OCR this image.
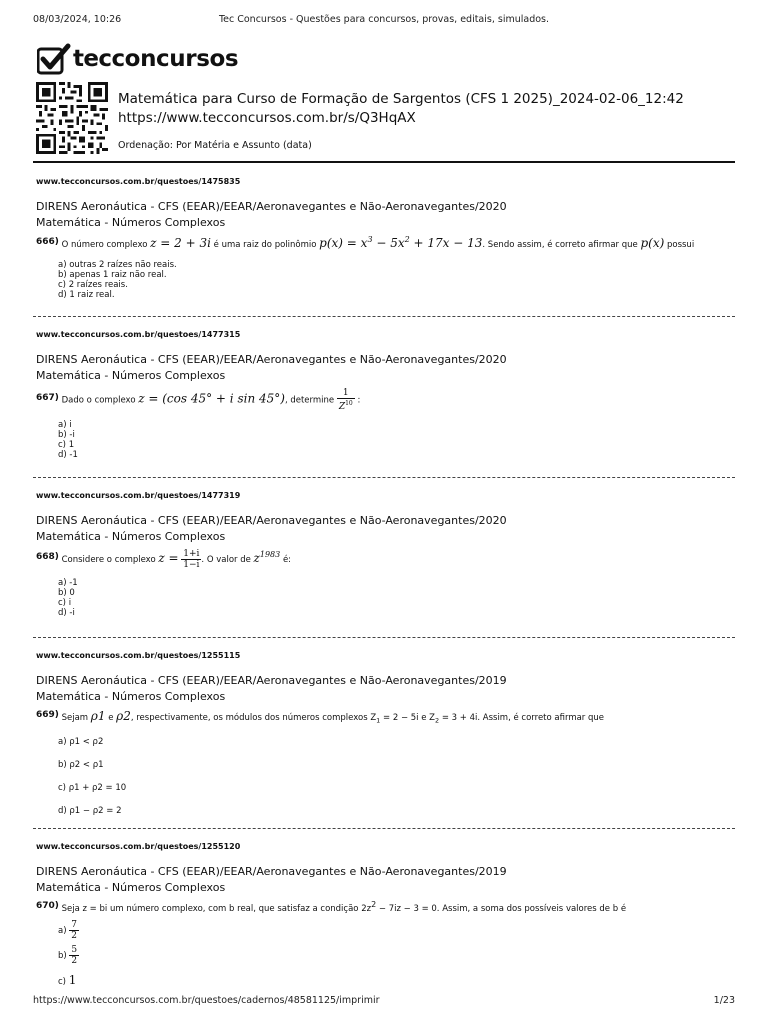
08/03/2024, 10:26	Tec Concursos - Questões para concursos, provas, editais, simulados.
tec concursos
Matemática para Curso de Formação de Sargentos (CFS 1 2025)_2024-02-06_12:42
https://www.tecconcursos.com.br/s/Q3HqAX
Ordenação: Por Matéria e Assunto (data)
www.tecconcursos.com.br/questoes/1475835
DIRENS Aeronáutica - CFS (EEAR)/EEAR/Aeronavegantes e Não-Aeronavegantes/2020
Matemática - Números Complexos
666) O número complexo z = 2 + 3i é uma raiz do polinômio $p(x) = x^3 - 5x^2 + 17x - 13$. Sendo assim, é correto afirmar que p(x) possui
a) outras 2 raízes não reais.
b) apenas 1 raiz não real.
c) 2 raízes reais.
d) 1 raiz real.
www.tecconcursos.com.br/questoes/1477315
DIRENS Aeronáutica - CFS (EEAR)/EEAR/Aeronavegantes e Não-Aeronavegantes/2020
Matemática - Números Complexos
667) Dado o complexo z = (cos 45° + i sin 45°), determine $\frac{1}{Z^{10}}$ :
a) i
b) -i
c) 1
d) -1
www.tecconcursos.com.br/questoes/1477319
DIRENS Aeronáutica - CFS (EEAR)/EEAR/Aeronavegantes e Não-Aeronavegantes/2020
Matemática - Números Complexos
668) Considere o complexo $z = \frac{1+i}{1-i}$ . O valor de $z^{1983}$ é:
a) -1
b) 0
c) i
d) -i
www.tecconcursos.com.br/questoes/1255115
DIRENS Aeronáutica - CFS (EEAR)/EEAR/Aeronavegantes e Não-Aeronavegantes/2019
Matemática - Números Complexos
669) Sejam ρ1 e ρ2, respectivamente, os módulos dos números complexos $Z_1 = 2 - 5i$ e $Z_2 = 3 + 4i$. Assim, é correto afirmar que
a) ρ1 < ρ2
b) ρ2 < ρ1
c) ρ1 + ρ2 = 10
d) ρ1 − ρ2 = 2
www.tecconcursos.com.br/questoes/1255120
DIRENS Aeronáutica - CFS (EEAR)/EEAR/Aeronavegantes e Não-Aeronavegantes/2019
Matemática - Números Complexos
670) Seja z = bi um número complexo, com b real, que satisfaz a condição 2z2 − 7iz − 3 = 0. Assim, a soma dos possíveis valores de b é
$a) \frac{7}{2}$
$b) \frac{5}{2}$
c) 1
https://www.tecconcursos.com.br/questoes/cadernos/48581125/imprimir	1/23
